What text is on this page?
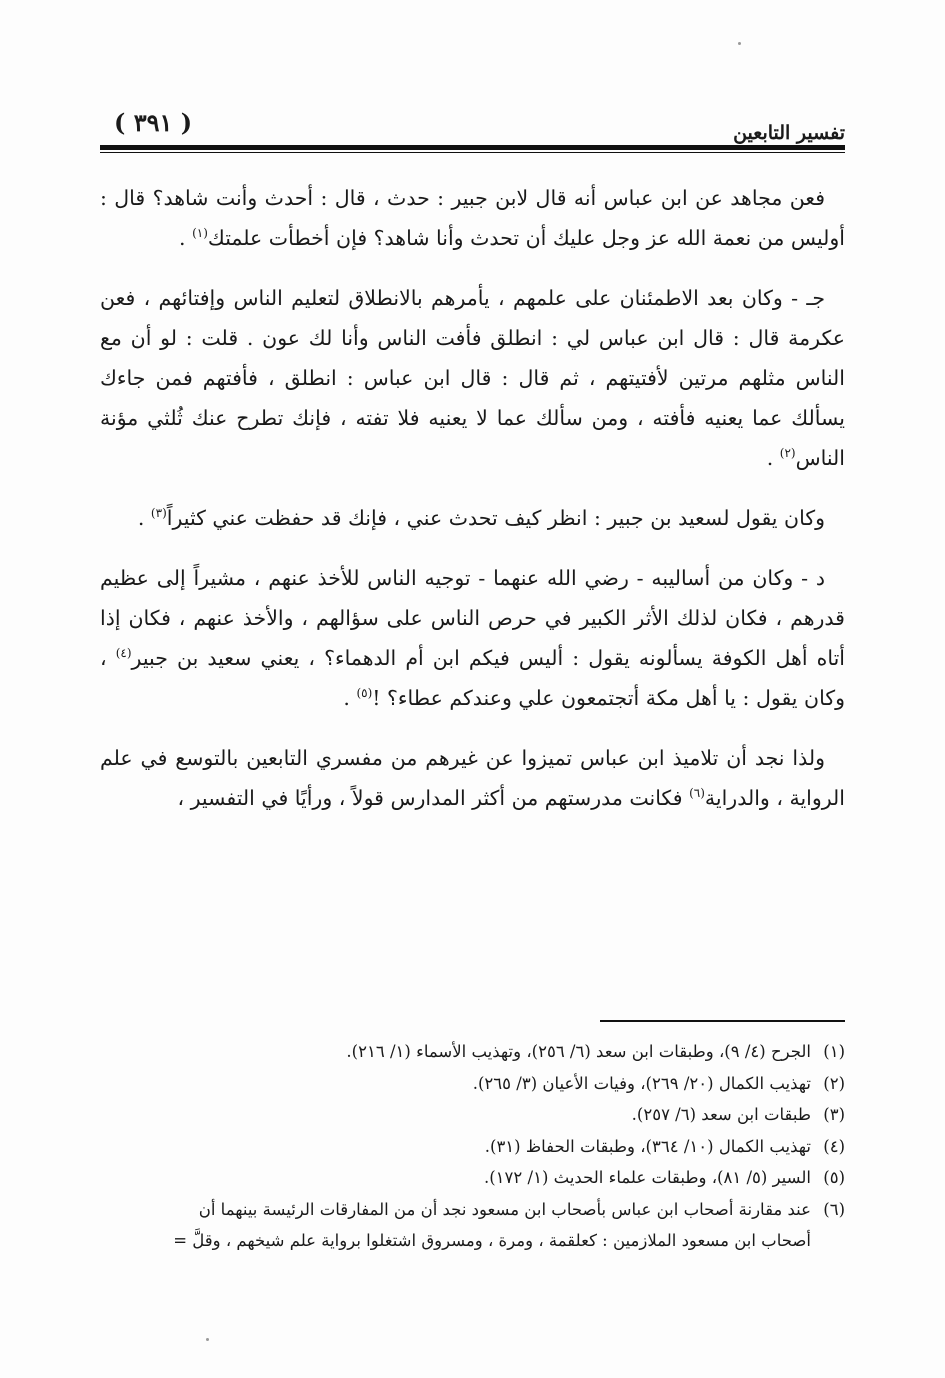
( ٣٩١ )	تفسير التابعين

فعن مجاهد عن ابن عباس أنه قال لابن جبير : حدث ، قال : أحدث وأنت شاهد؟ قال : أوليس من نعمة الله عز وجل عليك أن تحدث وأنا شاهد؟ فإن أخطأت علمتك$^{(١)}$ .

جـ - وكان بعد الاطمئنان على علمهم ، يأمرهم بالانطلاق لتعليم الناس وإفتائهم ، فعن عكرمة قال : قال ابن عباس لي : انطلق فأفت الناس وأنا لك عون . قلت : لو أن مع الناس مثلهم مرتين لأفتيتهم ، ثم قال : قال ابن عباس : انطلق ، فأفتهم فمن جاءك يسألك عما يعنيه فأفته ، ومن سألك عما لا يعنيه فلا تفته ، فإنك تطرح عنك ثُلثي مؤنة الناس$^{(٢)}$ .

وكان يقول لسعيد بن جبير : انظر كيف تحدث عني ، فإنك قد حفظت عني كثيراً$^{(٣)}$ .

د - وكان من أساليبه - رضي الله عنهما - توجيه الناس للأخذ عنهم ، مشيراً إلى عظيم قدرهم ، فكان لذلك الأثر الكبير في حرص الناس على سؤالهم ، والأخذ عنهم ، فكان إذا أتاه أهل الكوفة يسألونه يقول : أليس فيكم ابن أم الدهماء؟ ، يعني سعيد بن جبير$^{(٤)}$ ، وكان يقول : يا أهل مكة أتجتمعون علي وعندكم عطاء؟ !$^{(٥)}$ .

ولذا نجد أن تلاميذ ابن عباس تميزوا عن غيرهم من مفسري التابعين بالتوسع في علم الرواية ، والدراية$^{(٦)}$ فكانت مدرستهم من أكثر المدارس قولاً ، ورأيًا في التفسير ،

(١)الجرح (٤/ ٩)، وطبقات ابن سعد (٦/ ٢٥٦)، وتهذيب الأسماء (١/ ٢١٦).

(٢)تهذيب الكمال (٢٠/ ٢٦٩)، وفيات الأعيان (٣/ ٢٦٥).

(٣)طبقات ابن سعد (٦/ ٢٥٧).

(٤)تهذيب الكمال (١٠/ ٣٦٤)، وطبقات الحفاظ (٣١).

(٥)السير (٥/ ٨١)، وطبقات علماء الحديث (١/ ١٧٢).

(٦)عند مقارنة أصحاب ابن عباس بأصحاب ابن مسعود نجد أن من المفارقات الرئيسة بينهما أن

أصحاب ابن مسعود الملازمين : كعلقمة ، ومرة ، ومسروق اشتغلوا برواية علم شيخهم ، وقلَّ =
